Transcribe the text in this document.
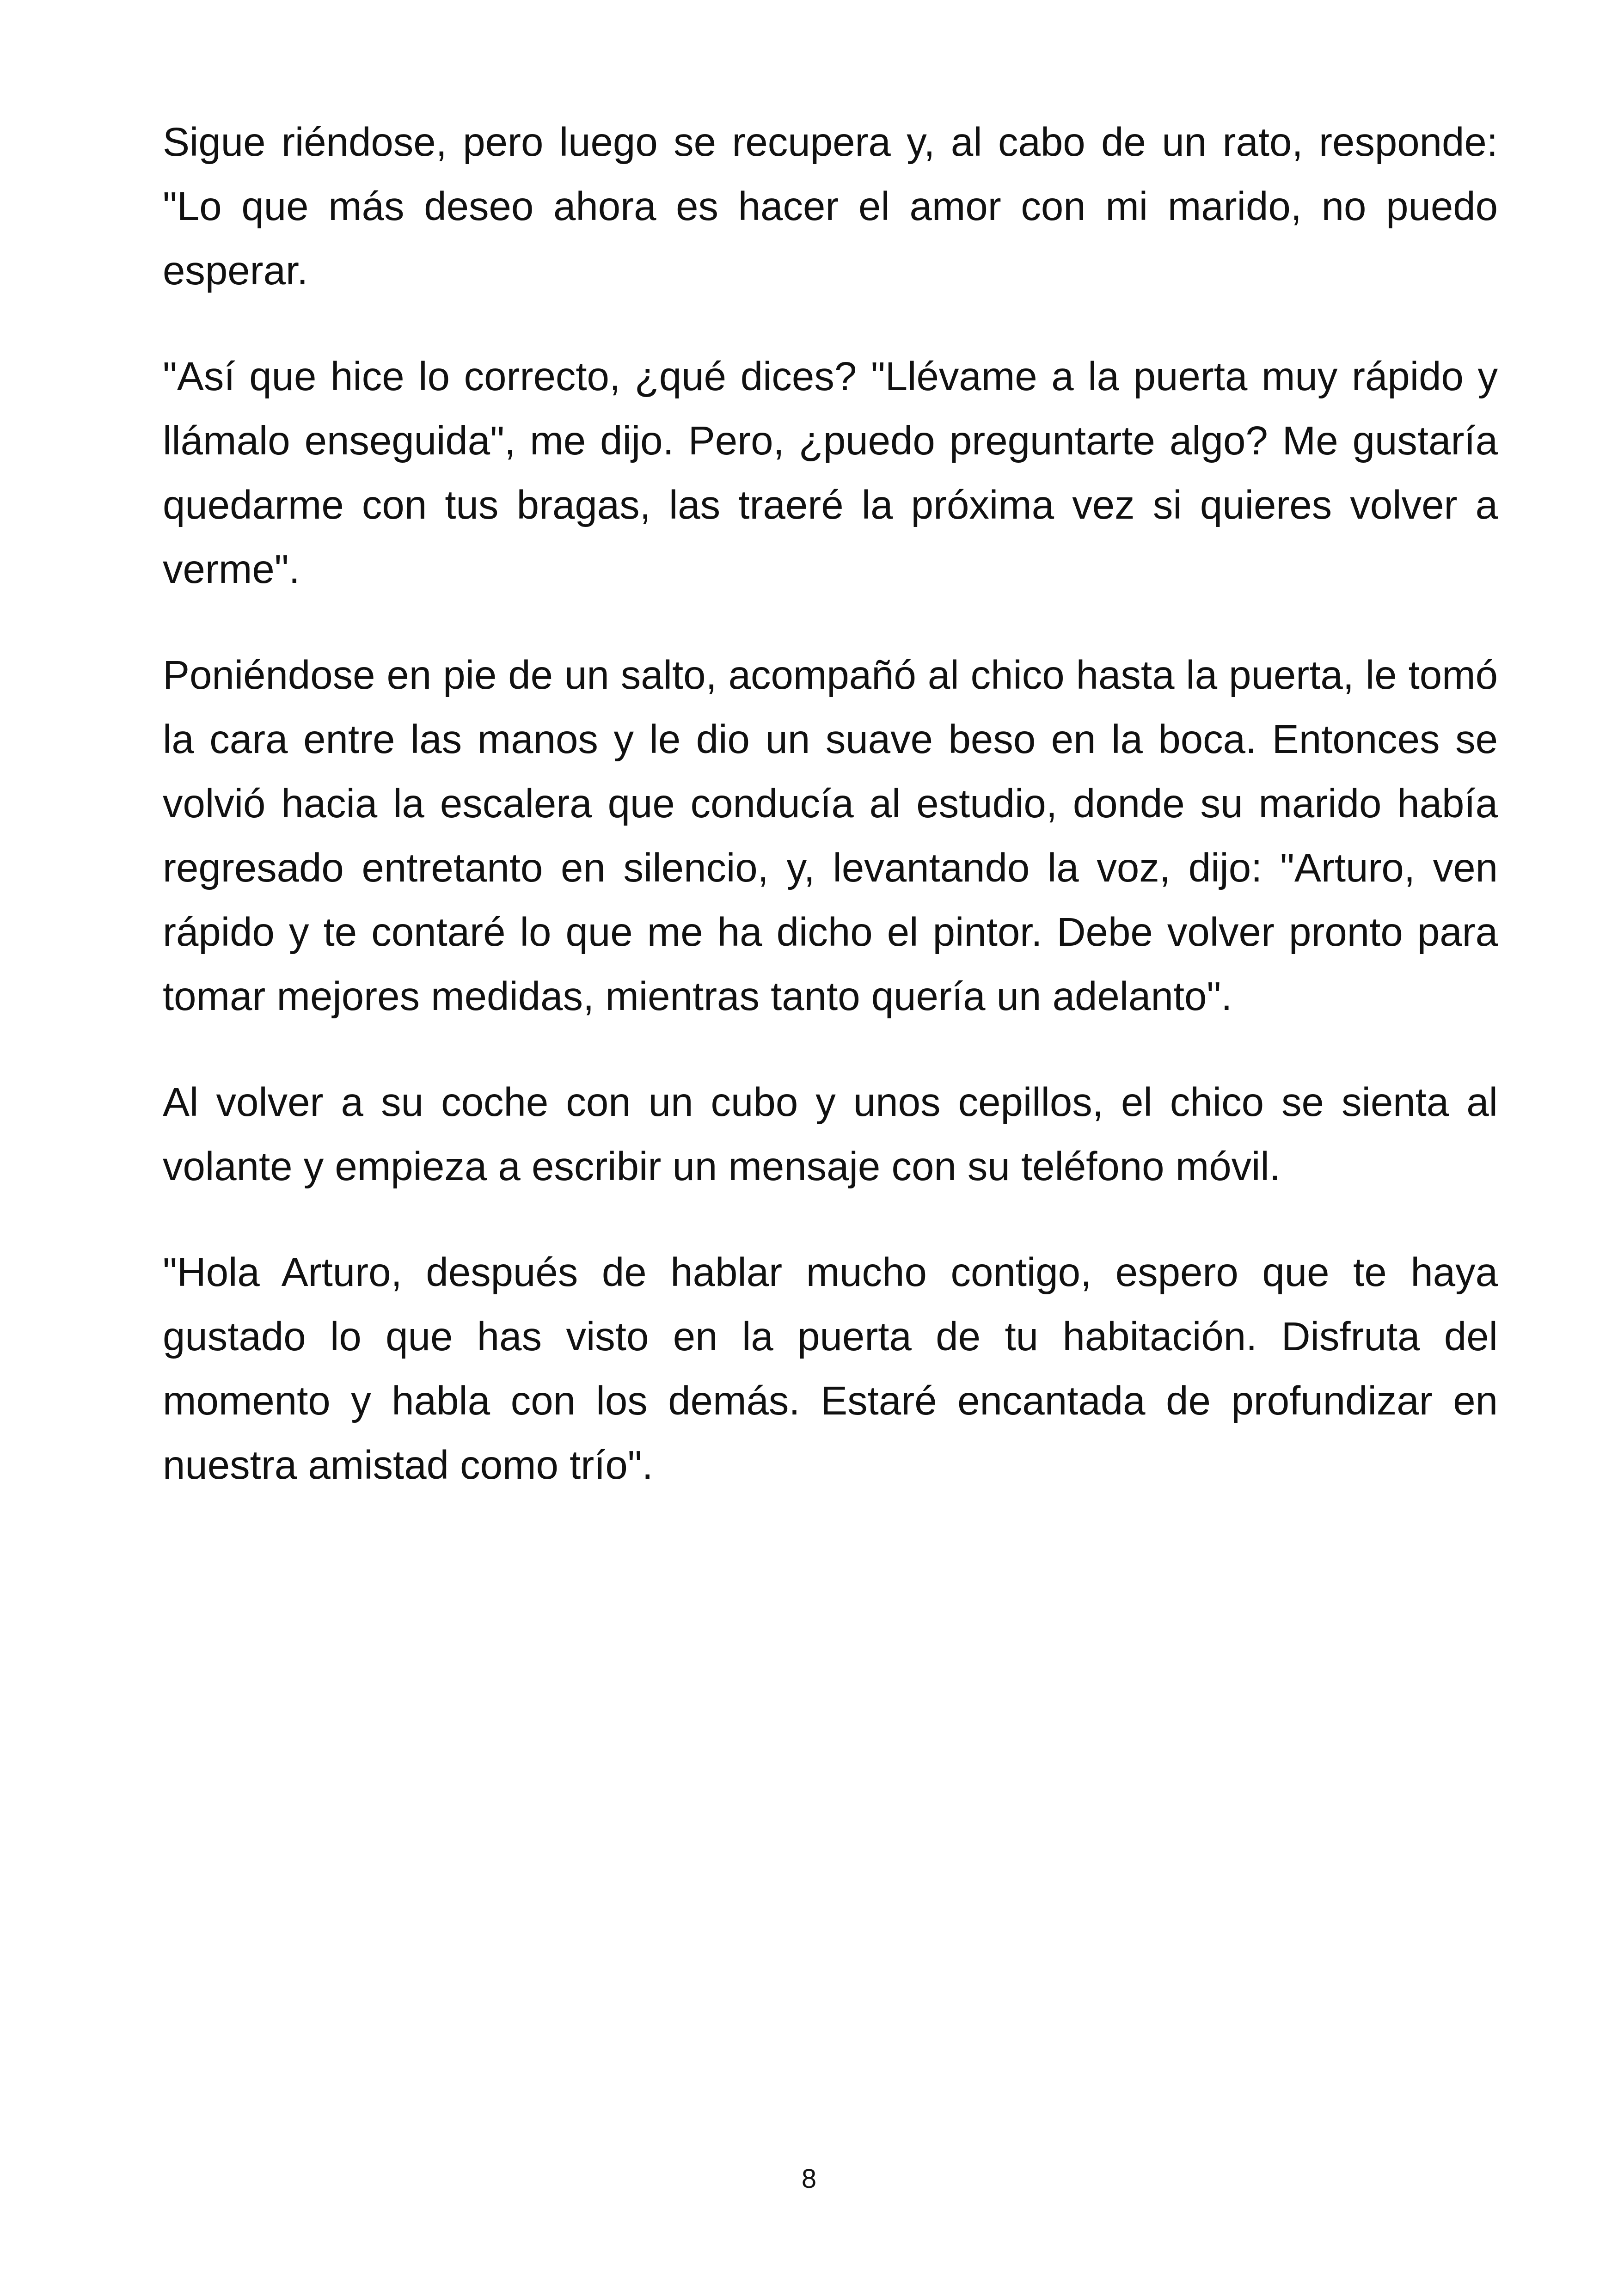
Sigue riéndose, pero luego se recupera y, al cabo de un rato, responde: "Lo que más deseo ahora es hacer el amor con mi marido, no puedo esperar.

"Así que hice lo correcto, ¿qué dices? "Llévame a la puerta muy rápido y llámalo enseguida", me dijo. Pero, ¿puedo preguntarte algo? Me gustaría quedarme con tus bragas, las traeré la próxima vez si quieres volver a verme".

Poniéndose en pie de un salto, acompañó al chico hasta la puerta, le tomó la cara entre las manos y le dio un suave beso en la boca. Entonces se volvió hacia la escalera que conducía al estudio, donde su marido había regresado entretanto en silencio, y, levantando la voz, dijo: "Arturo, ven rápido y te contaré lo que me ha dicho el pintor. Debe volver pronto para tomar mejores medidas, mientras tanto quería un adelanto".

Al volver a su coche con un cubo y unos cepillos, el chico se sienta al volante y empieza a escribir un mensaje con su teléfono móvil.

"Hola Arturo, después de hablar mucho contigo, espero que te haya gustado lo que has visto en la puerta de tu habitación. Disfruta del momento y habla con los demás. Estaré encantada de profundizar en nuestra amistad como trío".

8
